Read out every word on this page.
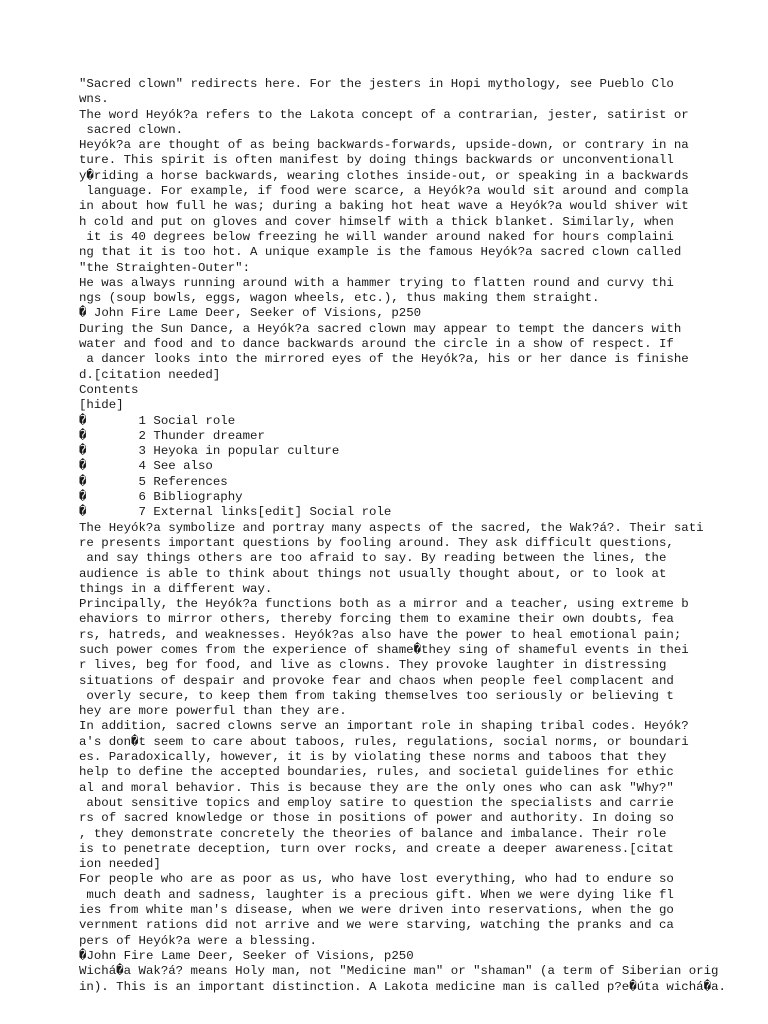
"Sacred clown" redirects here. For the jesters in Hopi mythology, see Pueblo Clo
wns.
The word Heyók?a refers to the Lakota concept of a contrarian, jester, satirist or
sacred clown.
Heyók?a are thought of as being backwards-forwards, upside-down, or contrary in na
ture. This spirit is often manifest by doing things backwards or unconventionall
y�riding a horse backwards, wearing clothes inside-out, or speaking in a backwards
language. For example, if food were scarce, a Heyók?a would sit around and compla
in about how full he was; during a baking hot heat wave a Heyók?a would shiver wit
h cold and put on gloves and cover himself with a thick blanket. Similarly, when
it is 40 degrees below freezing he will wander around naked for hours complaini
ng that it is too hot. A unique example is the famous Heyók?a sacred clown called
"the Straighten-Outer":
He was always running around with a hammer trying to flatten round and curvy thi
ngs (soup bowls, eggs, wagon wheels, etc.), thus making them straight.
� John Fire Lame Deer, Seeker of Visions, p250
During the Sun Dance, a Heyók?a sacred clown may appear to tempt the dancers with
water and food and to dance backwards around the circle in a show of respect. If
a dancer looks into the mirrored eyes of the Heyók?a, his or her dance is finishe
d.[citation needed]
Contents
[hide]
�       1 Social role
�       2 Thunder dreamer
�       3 Heyoka in popular culture
�       4 See also
�       5 References
�       6 Bibliography
�       7 External links[edit] Social role
The Heyók?a symbolize and portray many aspects of the sacred, the Wak?á?. Their sati
re presents important questions by fooling around. They ask difficult questions,
and say things others are too afraid to say. By reading between the lines, the
audience is able to think about things not usually thought about, or to look at
things in a different way.
Principally, the Heyók?a functions both as a mirror and a teacher, using extreme b
ehaviors to mirror others, thereby forcing them to examine their own doubts, fea
rs, hatreds, and weaknesses. Heyók?as also have the power to heal emotional pain;
such power comes from the experience of shame�they sing of shameful events in thei
r lives, beg for food, and live as clowns. They provoke laughter in distressing
situations of despair and provoke fear and chaos when people feel complacent and
overly secure, to keep them from taking themselves too seriously or believing t
hey are more powerful than they are.
In addition, sacred clowns serve an important role in shaping tribal codes. Heyók?
a's don�t seem to care about taboos, rules, regulations, social norms, or boundari
es. Paradoxically, however, it is by violating these norms and taboos that they
help to define the accepted boundaries, rules, and societal guidelines for ethic
al and moral behavior. This is because they are the only ones who can ask "Why?"
about sensitive topics and employ satire to question the specialists and carrie
rs of sacred knowledge or those in positions of power and authority. In doing so
, they demonstrate concretely the theories of balance and imbalance. Their role
is to penetrate deception, turn over rocks, and create a deeper awareness.[citat
ion needed]
For people who are as poor as us, who have lost everything, who had to endure so
much death and sadness, laughter is a precious gift. When we were dying like fl
ies from white man's disease, when we were driven into reservations, when the go
vernment rations did not arrive and we were starving, watching the pranks and ca
pers of Heyók?a were a blessing.
�John Fire Lame Deer, Seeker of Visions, p250
Wichá�a Wak?á? means Holy man, not "Medicine man" or "shaman" (a term of Siberian orig
in). This is an important distinction. A Lakota medicine man is called p?e�úta wichá�a.
